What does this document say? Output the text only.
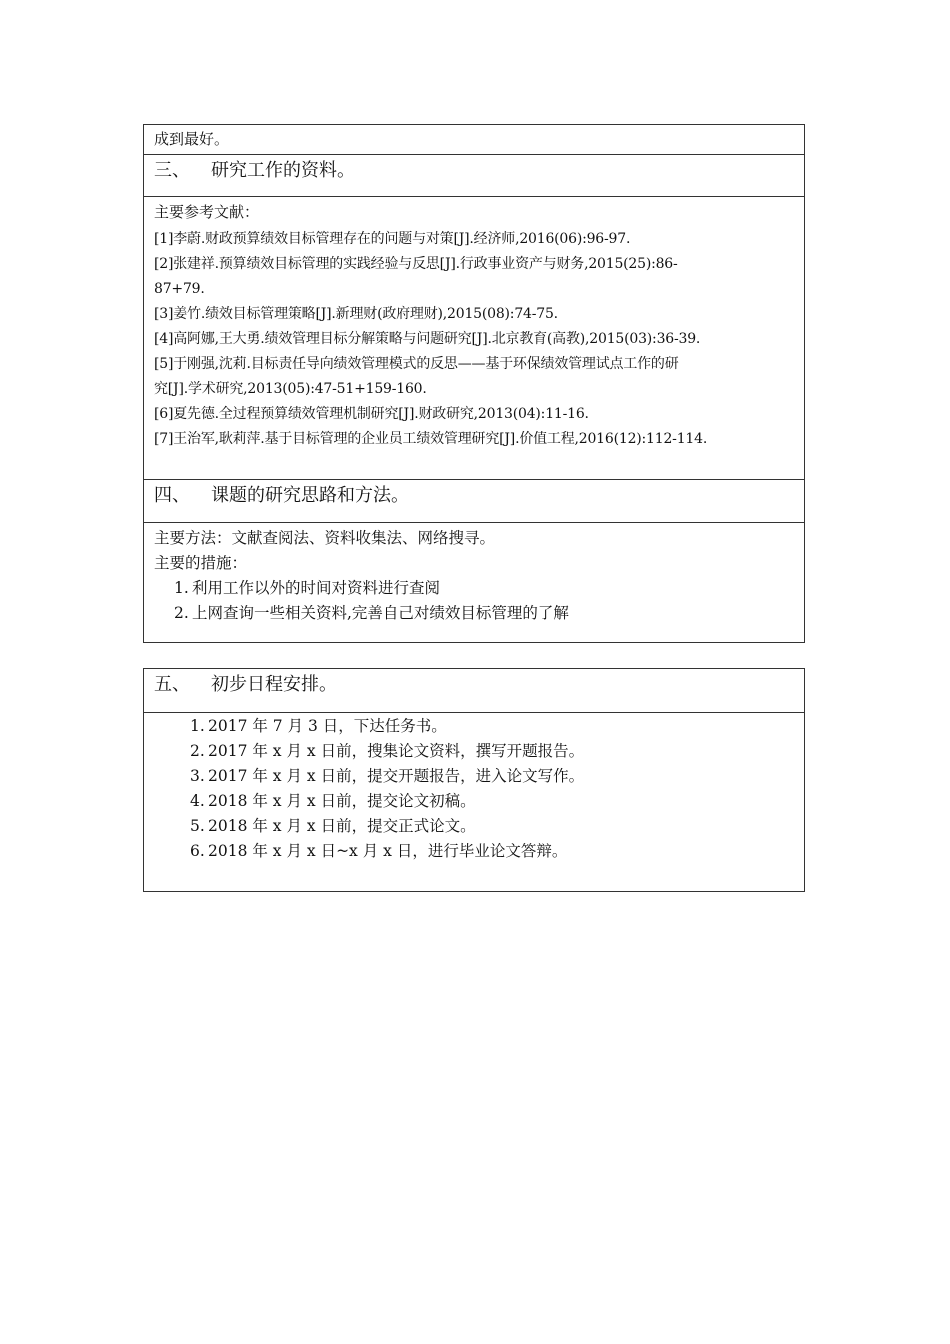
成到最好。
三、 研究工作的资料。
主要参考文献：
[1]李蔚.财政预算绩效目标管理存在的问题与对策[J].经济师,2016(06):96-97.
[2]张建祥.预算绩效目标管理的实践经验与反思[J].行政事业资产与财务,2015(25):86-
87+79.
[3]姜竹.绩效目标管理策略[J].新理财(政府理财),2015(08):74-75.
[4]高阿娜,王大勇.绩效管理目标分解策略与问题研究[J].北京教育(高教),2015(03):36-39.
[5]于刚强,沈莉.目标责任导向绩效管理模式的反思——基于环保绩效管理试点工作的研
究[J].学术研究,2013(05):47-51+159-160.
[6]夏先德.全过程预算绩效管理机制研究[J].财政研究,2013(04):11-16.
[7]王治军,耿莉萍.基于目标管理的企业员工绩效管理研究[J].价值工程,2016(12):112-114.
四、 课题的研究思路和方法。
主要方法：文献查阅法、资料收集法、网络搜寻。
主要的措施：
1. 利用工作以外的时间对资料进行查阅
2. 上网查询一些相关资料,完善自己对绩效目标管理的了解
五、 初步日程安排。
1. 2017 年 7 月 3 日，下达任务书。
2. 2017 年 x 月 x 日前，搜集论文资料，撰写开题报告。
3. 2017 年 x 月 x 日前，提交开题报告，进入论文写作。
4. 2018 年 x 月 x 日前，提交论文初稿。
5. 2018 年 x 月 x 日前，提交正式论文。
6. 2018 年 x 月 x 日~x 月 x 日，进行毕业论文答辩。
